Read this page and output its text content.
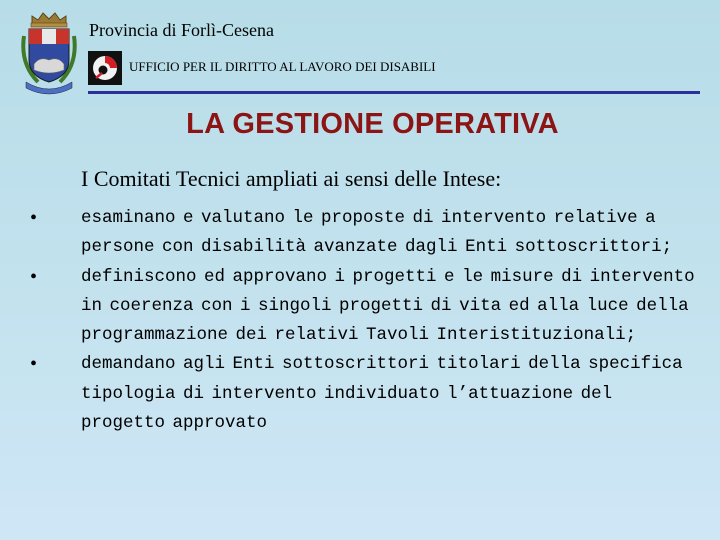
Provincia di Forlì-Cesena
UFFICIO PER IL DIRITTO AL LAVORO DEI DISABILI
LA GESTIONE OPERATIVA
I Comitati Tecnici ampliati ai sensi delle Intese:
•	esaminano e valutano le proposte di intervento relative a persone con disabilità avanzate dagli Enti sottoscrittori;
•	definiscono ed approvano i progetti e le misure di intervento in coerenza con i singoli progetti di vita ed alla luce della programmazione dei relativi Tavoli Interistituzionali;
•	demandano agli Enti sottoscrittori titolari della specifica tipologia di intervento individuato l’attuazione del progetto approvato
